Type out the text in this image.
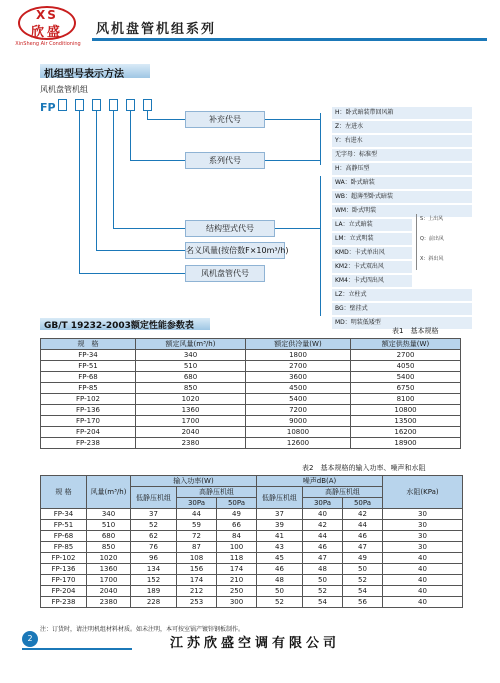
XS
欣盛
XinSheng Air Conditioning
风机盘管机组系列
机组型号表示方法
风机盘管机组
FP
补充代号
系列代号
结构型式代号
名义风量(按倍数F×10m³/h)
风机盘管代号
H：卧式暗装带回风箱
Z：左进水
Y：右进水
无字母：标准型
H：高静压型
WA：卧式暗装
WB：超薄型卧式暗装
WM：卧式明装
LA：立式暗装
LM：立式明装
KMD：卡式单出风
KM2：卡式双出风
KM4：卡式四出风
LZ：立柱式
BG：壁挂式
MD：明装低矮型
S：上出风
Q：前出风
X：斜出风
GB/T 19232-2003额定性能参数表	表1　基本规格
规　格	额定风量(m³/h)	额定供冷量(W)	额定供热量(W)
FP-34	340	1800	2700
FP-51	510	2700	4050
FP-68	680	3600	5400
FP-85	850	4500	6750
FP-102	1020	5400	8100
FP-136	1360	7200	10800
FP-170	1700	9000	13500
FP-204	2040	10800	16200
FP-238	2380	12600	18900
表2　基本规格的输入功率、噪声和水阻
规 格	风量(m³/h)	输入功率(W)			噪声dB(A)			水阻(KPa)
		低静压机组	高静压机组		低静压机组	高静压机组		
			30Pa	50Pa		30Pa	50Pa	
FP-34	340	37	44	49	37	40	42	30
FP-51	510	52	59	66	39	42	44	30
FP-68	680	62	72	84	41	44	46	30
FP-85	850	76	87	100	43	46	47	30
FP-102	1020	96	108	118	45	47	49	40
FP-136	1360	134	156	174	46	48	50	40
FP-170	1700	152	174	210	48	50	52	40
FP-204	2040	189	212	250	50	52	54	40
FP-238	2380	228	253	300	52	54	56	40
注：订货时，请注明机组材料材质。如未注明，本可按室锅产镀锌钢板制作。
2	江苏欣盛空调有限公司
